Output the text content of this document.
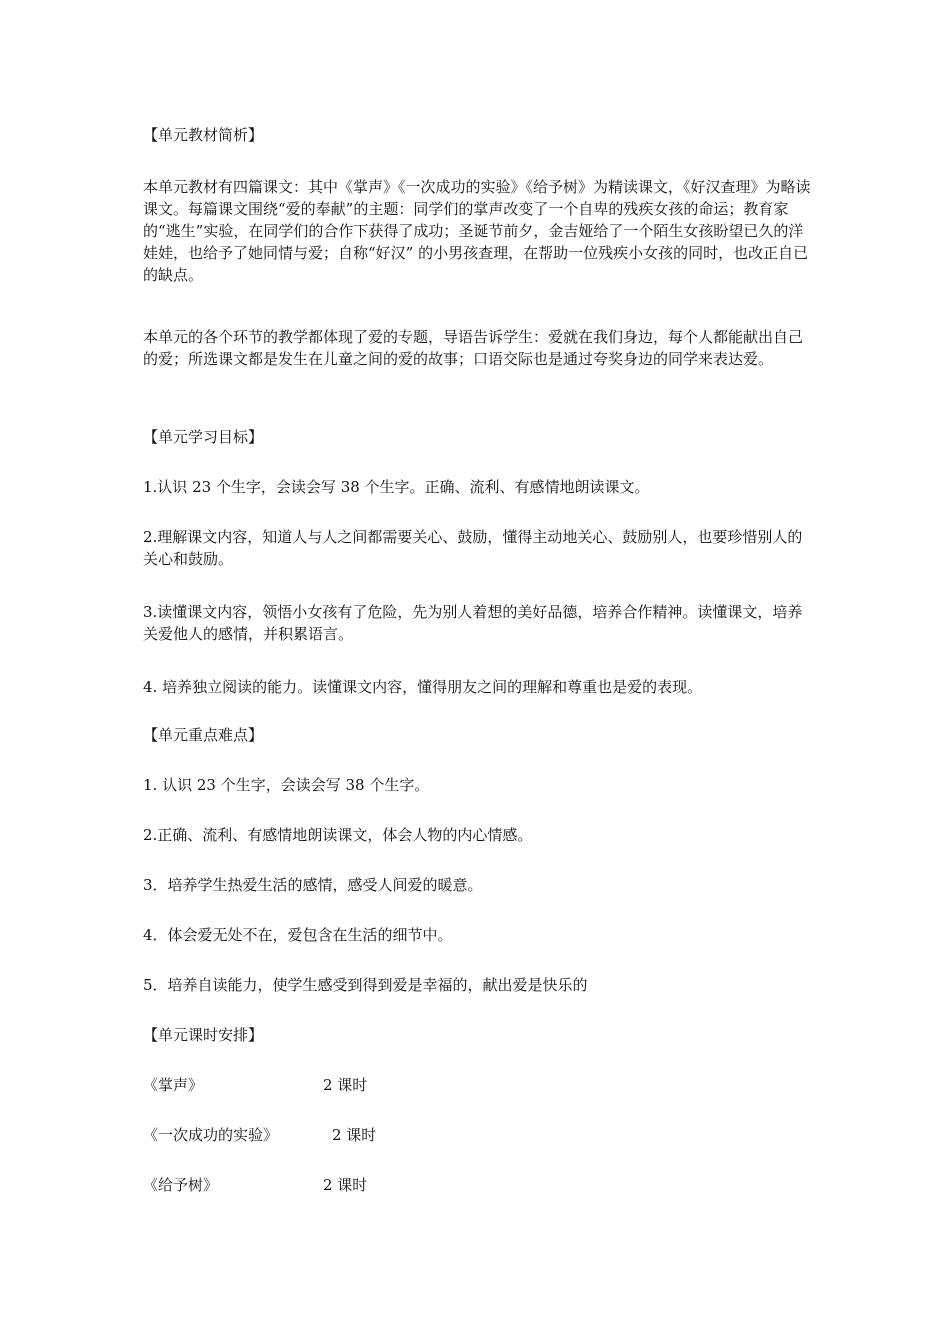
【单元教材简析】
本单元教材有四篇课文：其中《掌声》《一次成功的实验》《给予树》为精读课文，《好汉查理》为略读课文。每篇课文围绕“爱的奉献”的主题：同学们的掌声改变了一个自卑的残疾女孩的命运；教育家的“逃生”实验，在同学们的合作下获得了成功；圣诞节前夕，金吉娅给了一个陌生女孩盼望已久的洋娃娃，也给予了她同情与爱；自称“好汉” 的小男孩查理，在帮助一位残疾小女孩的同时，也改正自已的缺点。
本单元的各个环节的教学都体现了爱的专题，导语告诉学生：爱就在我们身边，每个人都能献出自己的爱；所选课文都是发生在儿童之间的爱的故事；口语交际也是通过夸奖身边的同学来表达爱。
【单元学习目标】
1.认识 23 个生字，会读会写 38 个生字。正确、流利、有感情地朗读课文。
2.理解课文内容，知道人与人之间都需要关心、鼓励，懂得主动地关心、鼓励别人，也要珍惜别人的关心和鼓励。
3.读懂课文内容，领悟小女孩有了危险，先为别人着想的美好品德，培养合作精神。读懂课文，培养关爱他人的感情，并积累语言。
4. 培养独立阅读的能力。读懂课文内容，懂得朋友之间的理解和尊重也是爱的表现。
【单元重点难点】
1. 认识 23 个生字，会读会写 38 个生字。
2.正确、流利、有感情地朗读课文，体会人物的内心情感。
3．培养学生热爱生活的感情，感受人间爱的暖意。
4．体会爱无处不在，爱包含在生活的细节中。
5．培养自读能力，使学生感受到得到爱是幸福的，献出爱是快乐的
【单元课时安排】
《掌声》	2 课时
《一次成功的实验》	2 课时
《给予树》	2 课时
